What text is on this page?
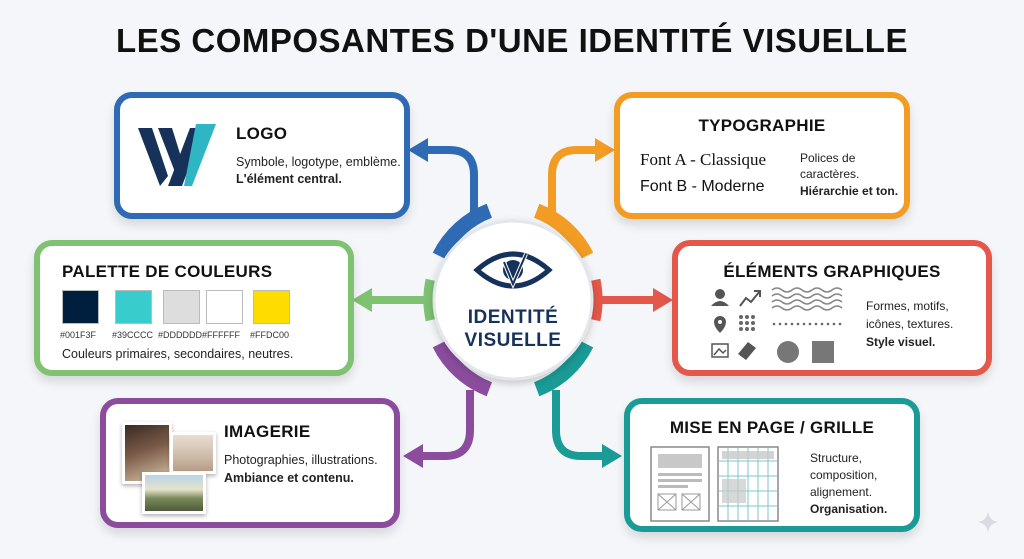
LES COMPOSANTES D'UNE IDENTITÉ VISUELLE
IDENTITÉ
VISUELLE
LOGO
Symbole, logotype, emblème.
L'élément central.
TYPOGRAPHIE
Font A - Classique
Font B - Moderne
Polices de
caractères.
Hiérarchie et ton.
PALETTE DE COULEURS
#001F3F #39CCCC #DDDDDD #FFFFFF #FFDC00
Couleurs primaires, secondaires, neutres.
ÉLÉMENTS GRAPHIQUES
Formes, motifs,
icônes, textures.
Style visuel.
IMAGERIE
Photographies, illustrations.
Ambiance et contenu.
MISE EN PAGE / GRILLE
Structure,
composition,
alignement.
Organisation.
